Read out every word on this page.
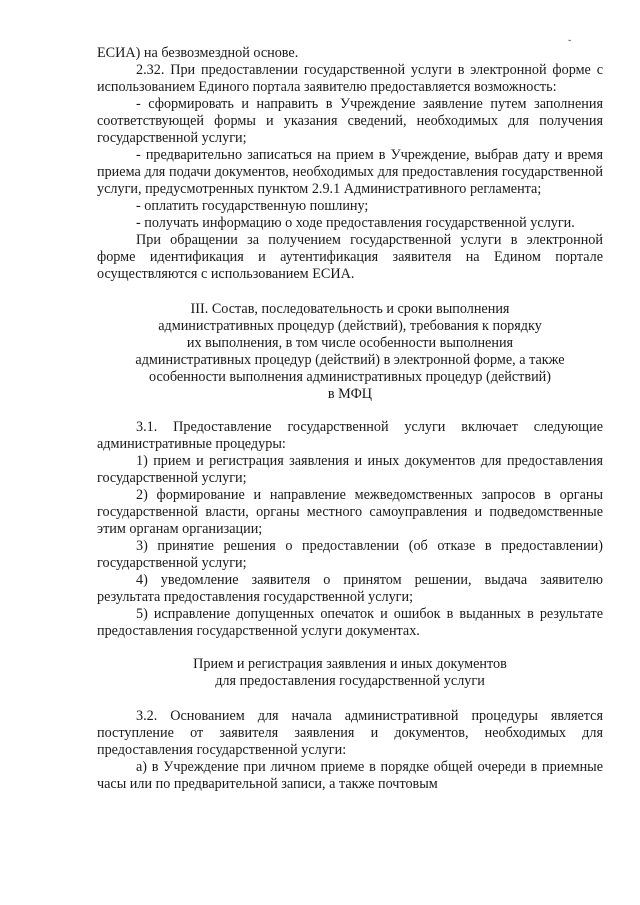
˘

ЕСИА) на безвозмездной основе.

2.32. При предоставлении государственной услуги в электронной форме с использованием Единого портала заявителю предоставляется возможность:

- сформировать и направить в Учреждение заявление путем заполнения соответствующей формы и указания сведений, необходимых для получения государственной услуги;

- предварительно записаться на прием в Учреждение, выбрав дату и время приема для подачи документов, необходимых для предоставления государственной услуги, предусмотренных пунктом 2.9.1 Административного регламента;

- оплатить государственную пошлину;

- получать информацию о ходе предоставления государственной услуги.

При обращении за получением государственной услуги в электронной форме идентификация и аутентификация заявителя на Едином портале осуществляются с использованием ЕСИА.

III. Состав, последовательность и сроки выполнения

административных процедур (действий), требования к порядку

их выполнения, в том числе особенности выполнения

административных процедур (действий) в электронной форме, а также

особенности выполнения административных процедур (действий)

в МФЦ

3.1. Предоставление государственной услуги включает следующие административные процедуры:

1) прием и регистрация заявления и иных документов для предоставления государственной услуги;

2) формирование и направление межведомственных запросов в органы государственной власти, органы местного самоуправления и подведомственные этим органам организации;

3) принятие решения о предоставлении (об отказе в предоставлении) государственной услуги;

4) уведомление заявителя о принятом решении, выдача заявителю результата предоставления государственной услуги;

5) исправление допущенных опечаток и ошибок в выданных в результате предоставления государственной услуги документах.

Прием и регистрация заявления и иных документов

для предоставления государственной услуги

3.2. Основанием для начала административной процедуры является поступление от заявителя заявления и документов, необходимых для предоставления государственной услуги:

а) в Учреждение при личном приеме в порядке общей очереди в приемные часы или по предварительной записи, а также почтовым
